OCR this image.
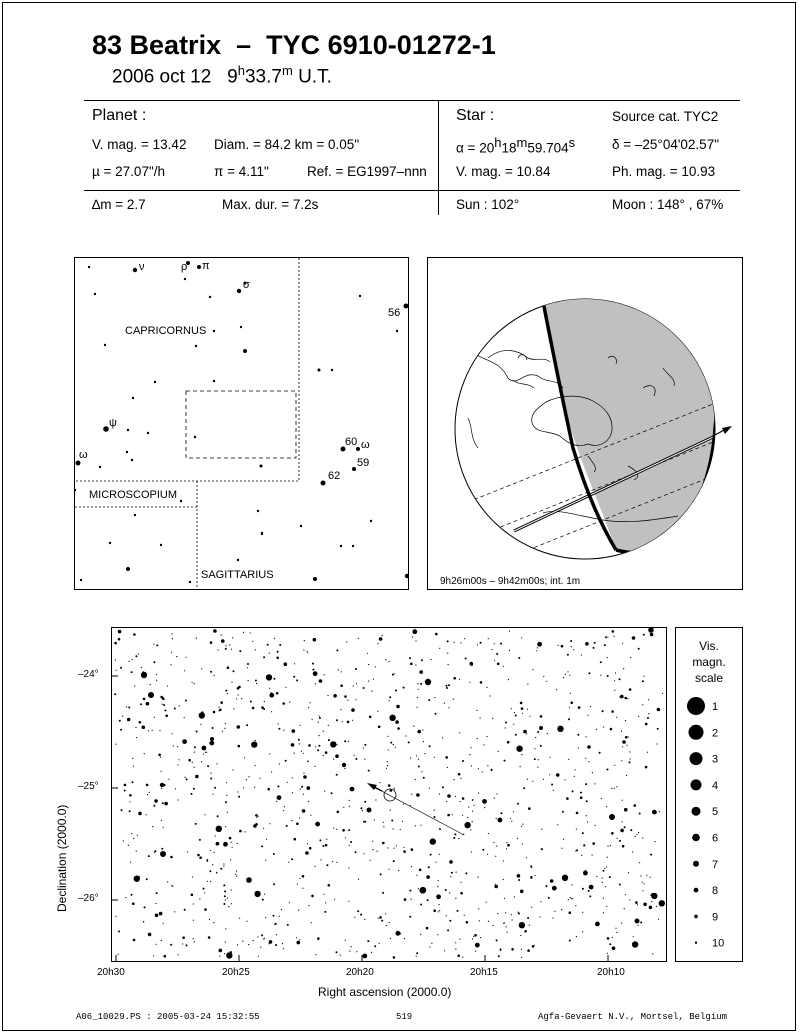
83 Beatrix – TYC 6910-01272-1
2006 oct 12 9$^h$33.7$^m$ U.T.
Planet :
V. mag. = 13.42 Diam. = 84.2 km = 0.05"
µ = 27.07"/h	π = 4.11"	Ref. = EG1997–nnn
Star :	Source cat. TYC2
α = 20h18m59.704s	δ = –25°04'02.57"
V. mag. = 10.84	Ph. mag. = 10.93
∆m = 2.7	Max. dur. = 7.2s	Sun : 102°	Moon : 148° , 67%
CAPRICORNUS
MICROSCOPIUM
SAGITTARIUS
ν	ρ π
σ
ψ
ω
56
60 ω
59
62
9h26m00s – 9h42m00s; int. 1m
Declination (2000.0)
Right ascension (2000.0)
–24°
–25°
–26°
20h30	20h25	20h20	20h15	20h10
Vis.
magn.
scale
1
2
3
4
5
6
7
8
9
10
A06_10029.PS : 2005-03-24 15:32:55	519	Agfa-Gevaert N.V., Mortsel, Belgium
